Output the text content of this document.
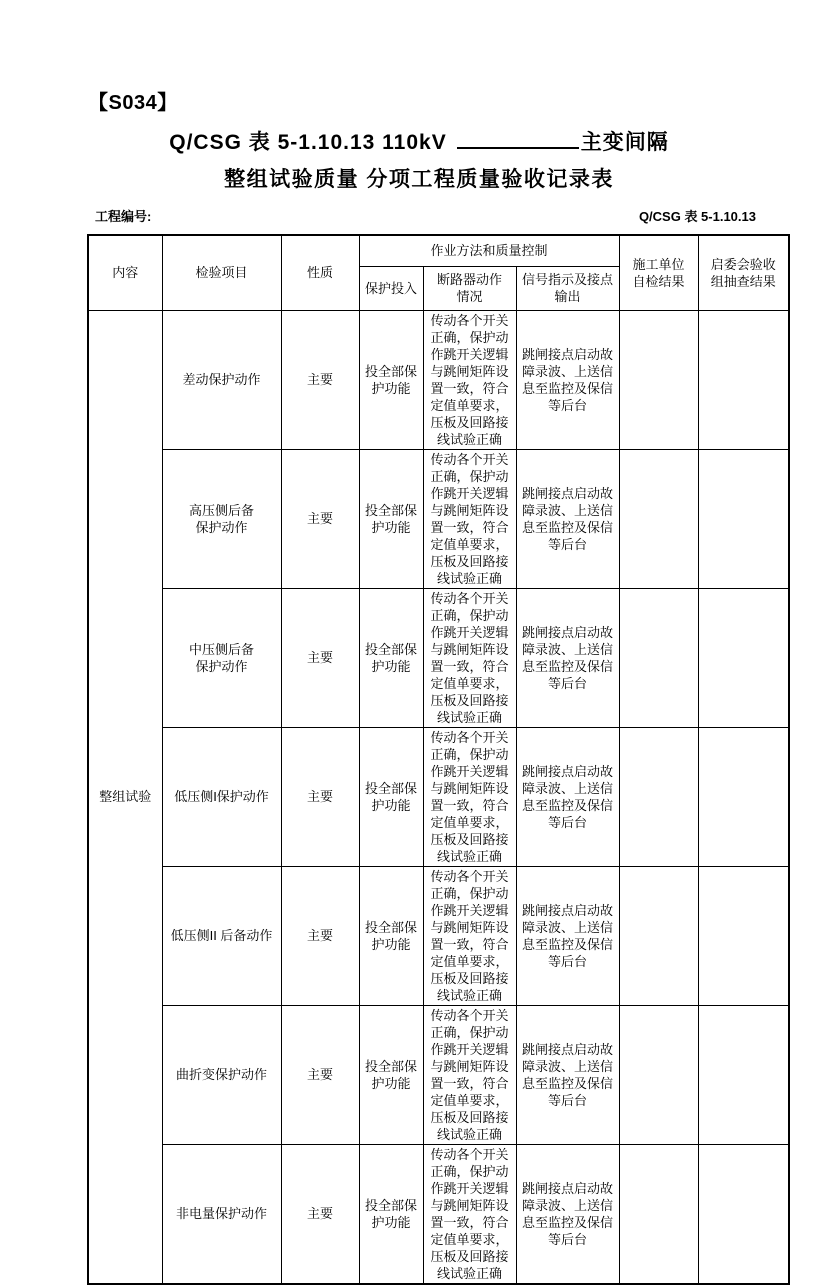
【S034】
Q/CSG 表 5-1.10.13 110kV	主变间隔
整组试验质量 分项工程质量验收记录表
工程编号:	Q/CSG 表 5-1.10.13
内容	检验项目	性质	作业方法和质量控制			施工单位
自检结果	启委会验收
组抽查结果
			保护投入	断路器动作
情况	信号指示及接点
输出		
整组试验	差动保护动作	主要	投全部保护功能	传动各个开关正确，保护动作跳开关逻辑与跳闸矩阵设置一致，符合定值单要求，压板及回路接线试验正确	跳闸接点启动故障录波、上送信息至监控及保信等后台		
	高压侧后备
保护动作	主要	投全部保护功能	传动各个开关正确，保护动作跳开关逻辑与跳闸矩阵设置一致，符合定值单要求，压板及回路接线试验正确	跳闸接点启动故障录波、上送信息至监控及保信等后台		
	中压侧后备
保护动作	主要	投全部保护功能	传动各个开关正确，保护动作跳开关逻辑与跳闸矩阵设置一致，符合定值单要求，压板及回路接线试验正确	跳闸接点启动故障录波、上送信息至监控及保信等后台		
	低压侧I保护动作	主要	投全部保护功能	传动各个开关正确，保护动作跳开关逻辑与跳闸矩阵设置一致，符合定值单要求，压板及回路接线试验正确	跳闸接点启动故障录波、上送信息至监控及保信等后台		
	低压侧II 后备动作	主要	投全部保护功能	传动各个开关正确，保护动作跳开关逻辑与跳闸矩阵设置一致，符合定值单要求，压板及回路接线试验正确	跳闸接点启动故障录波、上送信息至监控及保信等后台		
	曲折变保护动作	主要	投全部保护功能	传动各个开关正确，保护动作跳开关逻辑与跳闸矩阵设置一致，符合定值单要求，压板及回路接线试验正确	跳闸接点启动故障录波、上送信息至监控及保信等后台		
	非电量保护动作	主要	投全部保护功能	传动各个开关正确，保护动作跳开关逻辑与跳闸矩阵设置一致，符合定值单要求，压板及回路接线试验正确	跳闸接点启动故障录波、上送信息至监控及保信等后台		
